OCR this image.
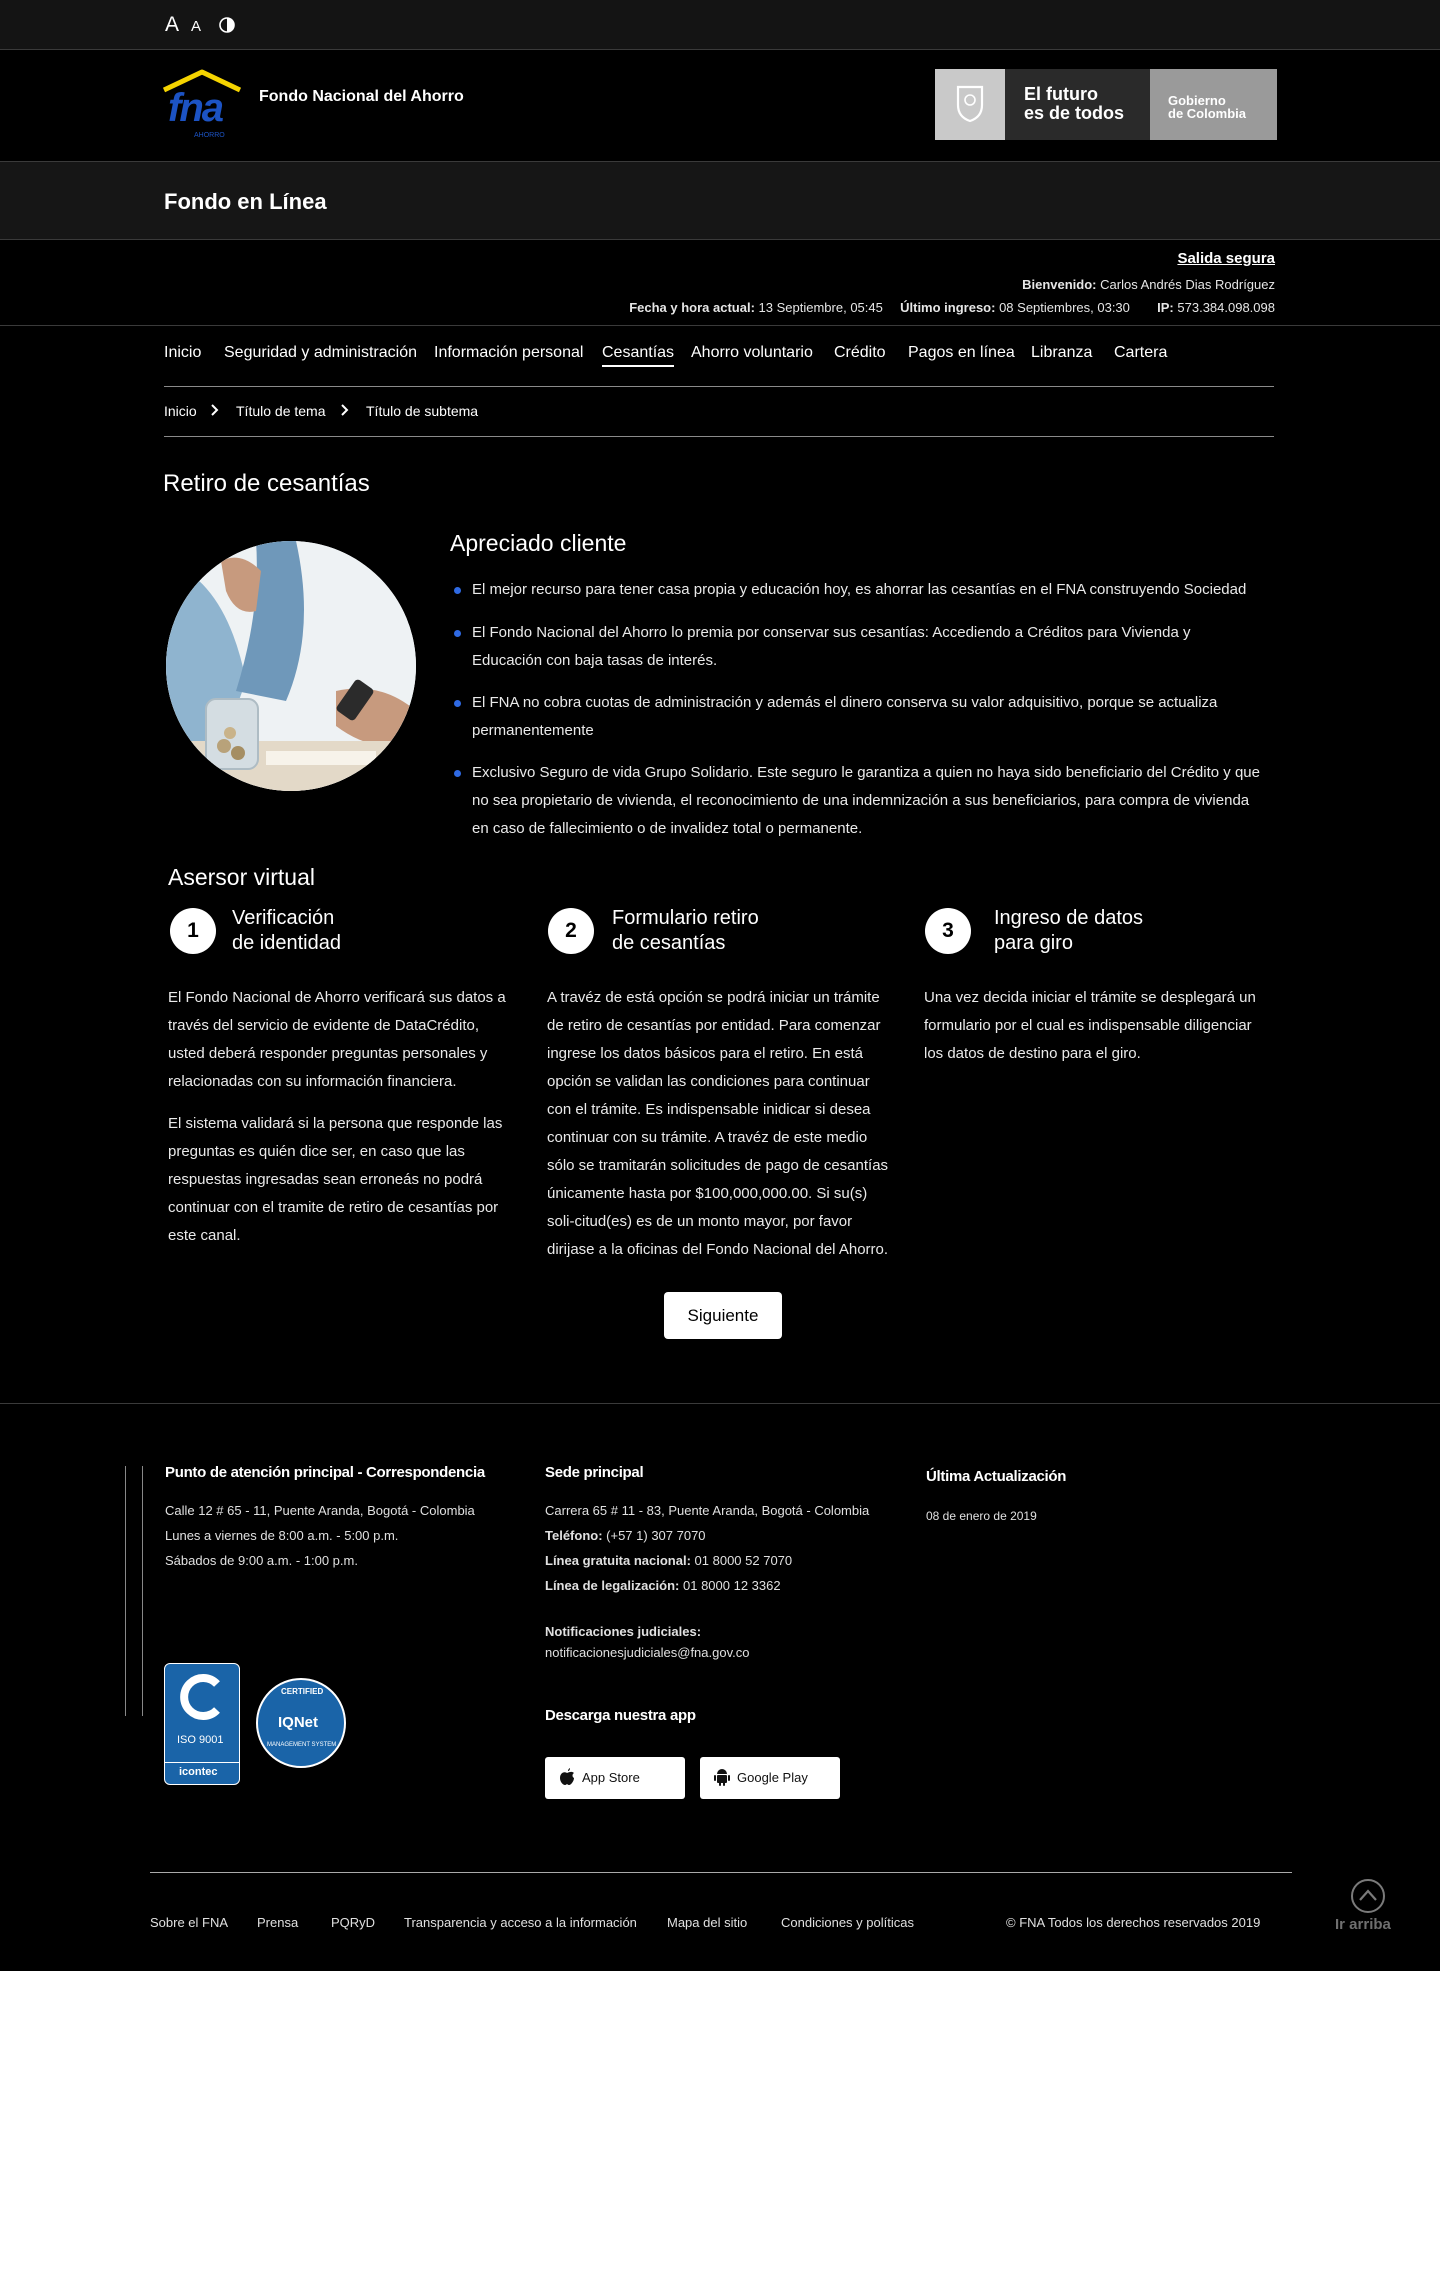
A A
fna
AHORRO
Fondo Nacional del Ahorro	El futuro
es de todos
Gobierno
de Colombia
Fondo en Línea
Salida segura
Bienvenido: Carlos Andrés Dias Rodríguez
Fecha y hora actual: 13 Septiembre, 05:45 Último ingreso: 08 Septiembres, 03:30 IP: 573.384.098.098
Inicio Seguridad y administración Información personal Cesantías Ahorro voluntario Crédito Pagos en línea Libranza Cartera
Inicio	Título de tema	Título de subtema
Retiro de cesantías
Apreciado cliente
El mejor recurso para tener casa propia y educación hoy, es ahorrar las cesantías en el FNA construyendo Sociedad
El Fondo Nacional del Ahorro lo premia por conservar sus cesantías: Accediendo a Créditos para Vivienda y Educación con baja tasas de interés.
El FNA no cobra cuotas de administración y además el dinero conserva su valor adquisitivo, porque se actualiza permanentemente
Exclusivo Seguro de vida Grupo Solidario. Este seguro le garantiza a quien no haya sido beneficiario del Crédito y que no sea propietario de vivienda, el reconocimiento de una indemnización a sus beneficiarios, para compra de vivienda en caso de fallecimiento o de invalidez total o permanente.
Asersor virtual
1
Verificación
de identidad
El Fondo Nacional de Ahorro verificará sus datos a través del servicio de evidente de DataCrédito, usted deberá responder preguntas personales y relacionadas con su información financiera.
El sistema validará si la persona que responde las preguntas es quién dice ser, en caso que las respuestas ingresadas sean erroneás no podrá continuar con el tramite de retiro de cesantías por este canal.
2
Formulario retiro
de cesantías
A travéz de está opción se podrá iniciar un trámite de retiro de cesantías por entidad. Para comenzar ingrese los datos básicos para el retiro. En está opción se validan las condiciones para continuar con el trámite. Es indispensable inidicar si desea continuar con su trámite. A travéz de este medio sólo se tramitarán solicitudes de pago de cesantías únicamente hasta por $100,000,000.00. Si su(s) soli-citud(es) es de un monto mayor, por favor dirijase a la oficinas del Fondo Nacional del Ahorro.
3
Ingreso de datos
para giro
Una vez decida iniciar el trámite se desplegará un formulario por el cual es indispensable diligenciar los datos de destino para el giro.
Siguiente
Punto de atención principal - Correspondencia
Calle 12 # 65 - 11, Puente Aranda, Bogotá - Colombia
Lunes a viernes de 8:00 a.m. - 5:00 p.m.
Sábados de 9:00 a.m. - 1:00 p.m.
ISO 9001
icontec
CERTIFIED
IQNet
MANAGEMENT SYSTEM
Sede principal
Carrera 65 # 11 - 83, Puente Aranda, Bogotá - Colombia
Teléfono: (+57 1) 307 7070
Línea gratuita nacional: 01 8000 52 7070
Línea de legalización: 01 8000 12 3362
Notificaciones judiciales:
notificacionesjudiciales@fna.gov.co
Descarga nuestra app
App Store	Google Play
Última Actualización
08 de enero de 2019
Sobre el FNA Prensa	PQRyD Transparencia y acceso a la información Mapa del sitio	Condiciones y políticas	© FNA Todos los derechos reservados 2019	Ir arriba
